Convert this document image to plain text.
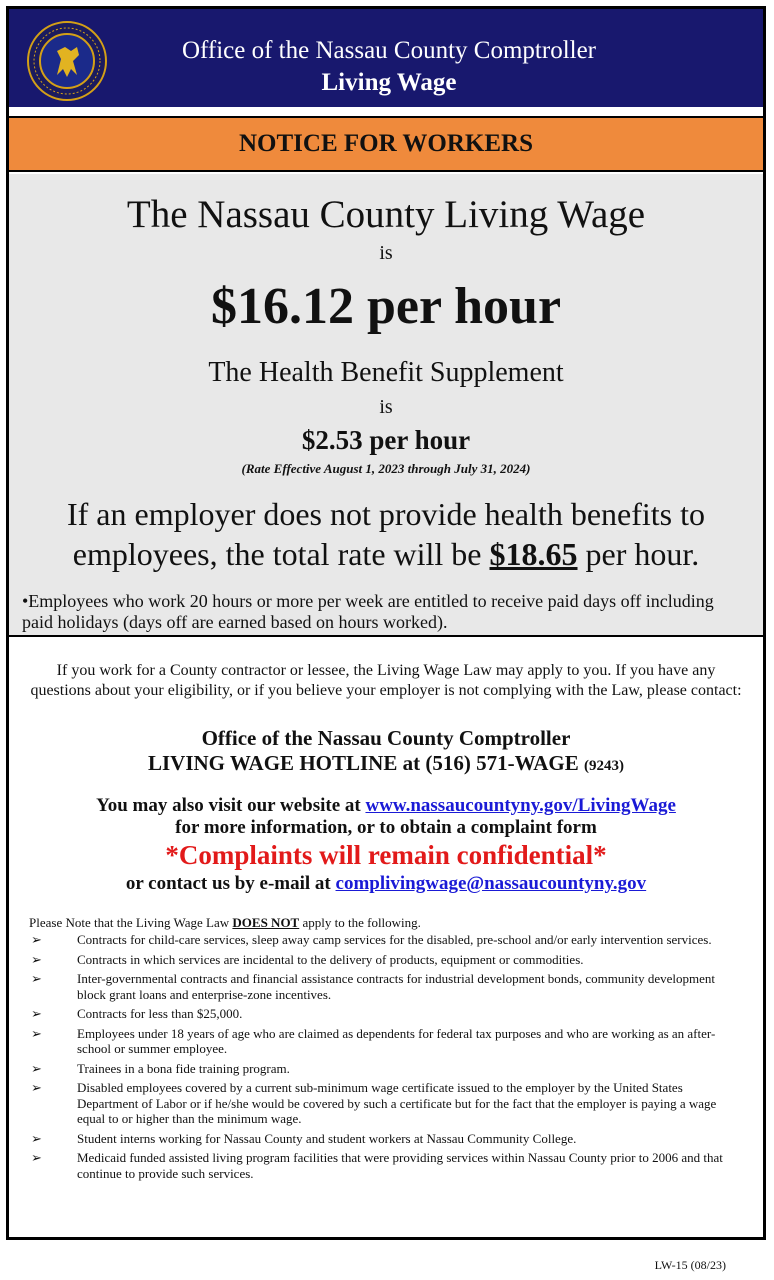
Office of the Nassau County Comptroller
Living Wage
NOTICE FOR WORKERS
The Nassau County Living Wage
is
$16.12 per hour
The Health Benefit Supplement
is
$2.53 per hour
(Rate Effective August 1, 2023 through July 31, 2024)
If an employer does not provide health benefits to employees, the total rate will be $18.65 per hour.
•Employees who work 20 hours or more per week are entitled to receive paid days off including paid holidays (days off are earned based on hours worked).
If you work for a County contractor or lessee, the Living Wage Law may apply to you. If you have any questions about your eligibility, or if you believe your employer is not complying with the Law, please contact:
Office of the Nassau County Comptroller
LIVING WAGE HOTLINE at (516) 571-WAGE (9243)
You may also visit our website at www.nassaucountyny.gov/LivingWage
for more information, or to obtain a complaint form
*Complaints will remain confidential*
or contact us by e-mail at complivingwage@nassaucountyny.gov
Please Note that the Living Wage Law DOES NOT apply to the following.
➢	Contracts for child-care services, sleep away camp services for the disabled, pre-school and/or early intervention services.
➢	Contracts in which services are incidental to the delivery of products, equipment or commodities.
➢	Inter-governmental contracts and financial assistance contracts for industrial development bonds, community development block grant loans and enterprise-zone incentives.
➢	Contracts for less than $25,000.
➢	Employees under 18 years of age who are claimed as dependents for federal tax purposes and who are working as an after-school or summer employee.
➢	Trainees in a bona fide training program.
➢	Disabled employees covered by a current sub-minimum wage certificate issued to the employer by the United States Department of Labor or if he/she would be covered by such a certificate but for the fact that the employer is paying a wage equal to or higher than the minimum wage.
➢	Student interns working for Nassau County and student workers at Nassau Community College.
➢	Medicaid funded assisted living program facilities that were providing services within Nassau County prior to 2006 and that continue to provide such services.
LW-15 (08/23)
